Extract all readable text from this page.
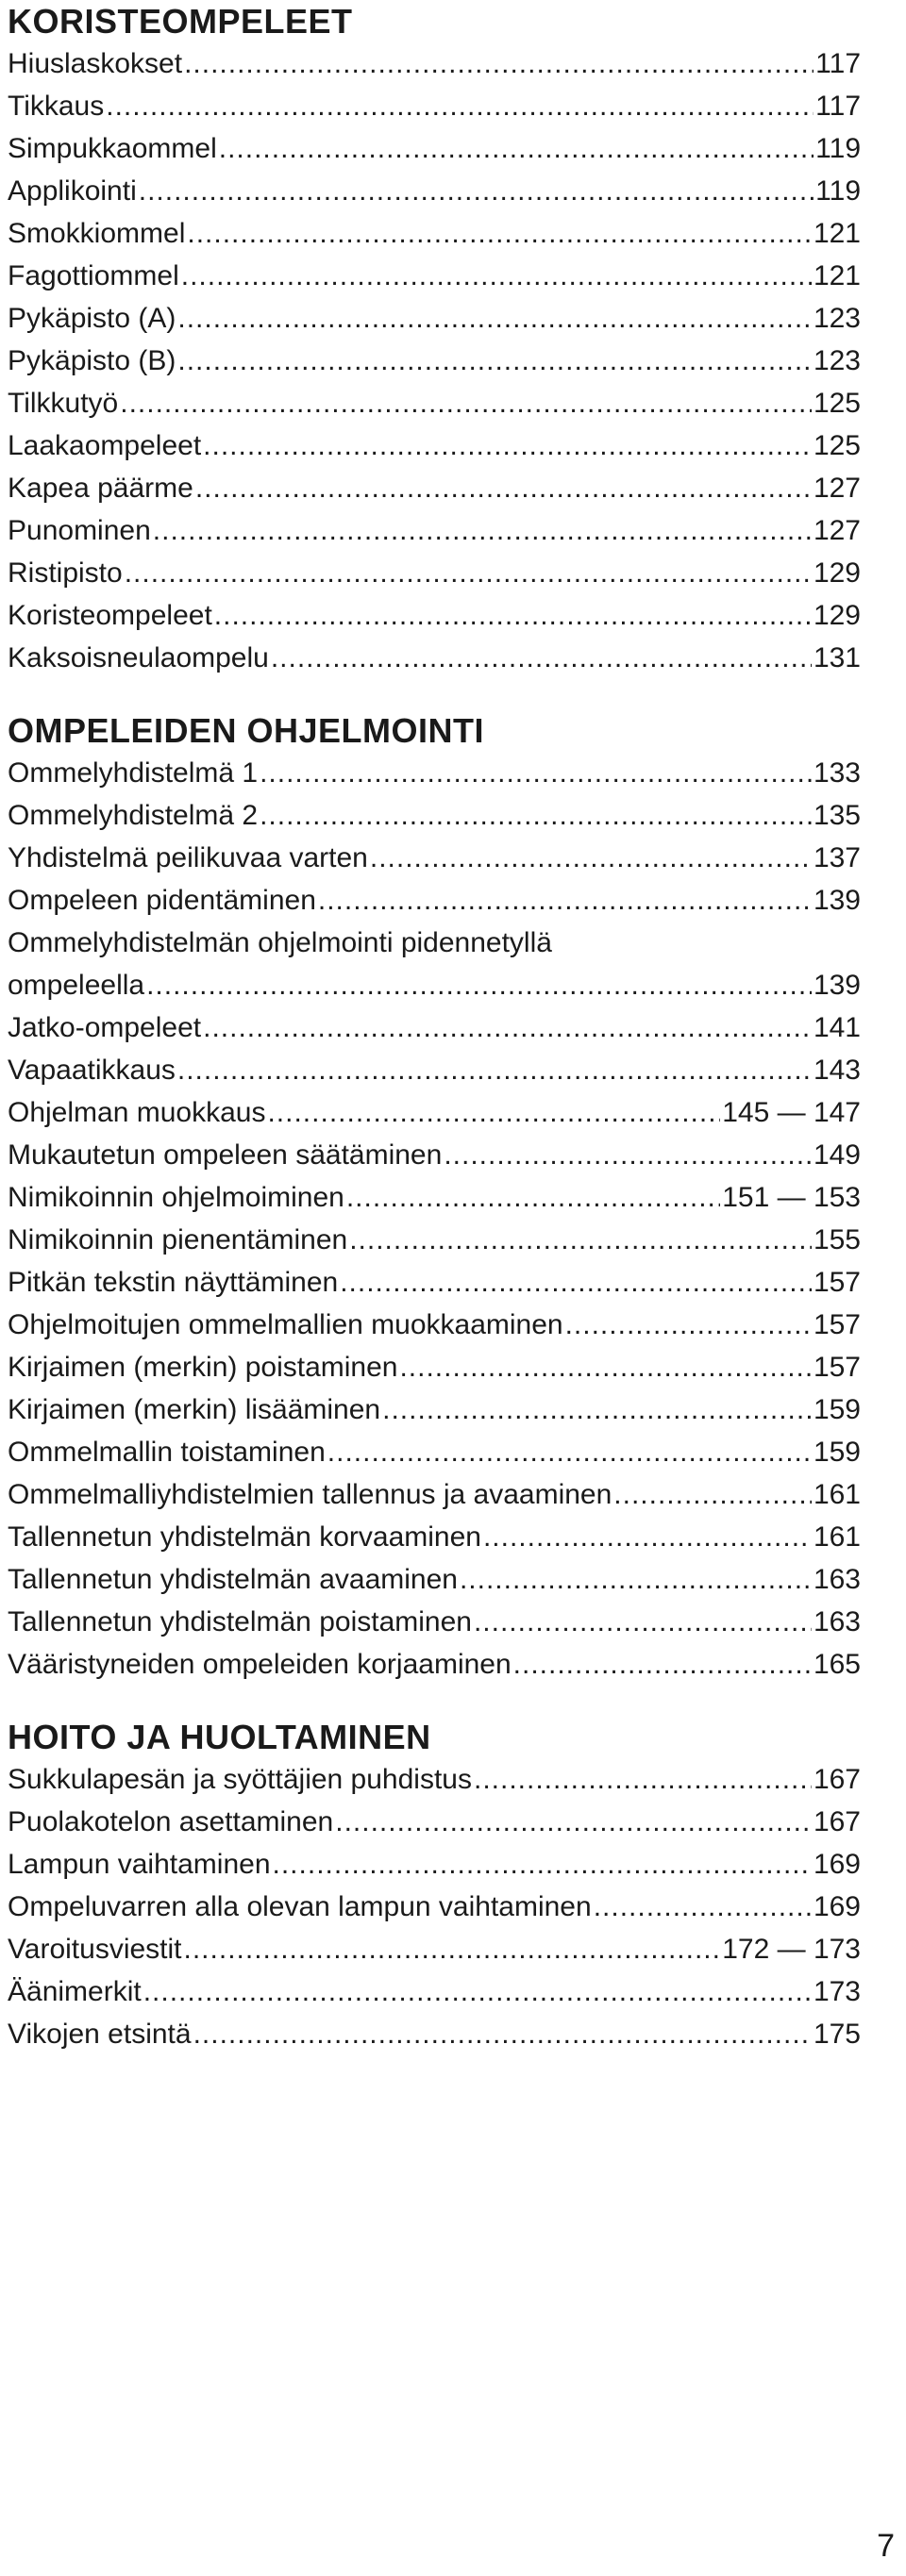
KORISTEOMPELEET
Hiuslaskokset .....	117
Tikkaus .....	117
Simpukkaommel .....	119
Applikointi .....	119
Smokkiommel .....	121
Fagottiommel .....	121
Pykäpisto (A) .....	123
Pykäpisto (B) .....	123
Tilkkutyö .....	125
Laakaompeleet .....	125
Kapea päärme .....	127
Punominen .....	127
Ristipisto .....	129
Koristeompeleet .....	129
Kaksoisneulaompelu .....	131
OMPELEIDEN OHJELMOINTI
Ommelyhdistelmä 1 .....	133
Ommelyhdistelmä 2 .....	135
Yhdistelmä peilikuvaa varten .....	137
Ompeleen pidentäminen .....	139
Ommelyhdistelmän ohjelmointi pidennetyllä
ompeleella .....	139
Jatko-ompeleet .....	141
Vapaatikkaus .....	143
Ohjelman muokkaus .....	145 — 147
Mukautetun ompeleen säätäminen .....	149
Nimikoinnin ohjelmoiminen .....	151 — 153
Nimikoinnin pienentäminen .....	155
Pitkän tekstin näyttäminen .....	157
Ohjelmoitujen ommelmallien muokkaaminen .....	157
Kirjaimen (merkin) poistaminen .....	157
Kirjaimen (merkin) lisääminen .....	159
Ommelmallin toistaminen .....	159
Ommelmalliyhdistelmien tallennus ja avaaminen .....	161
Tallennetun yhdistelmän korvaaminen .....	161
Tallennetun yhdistelmän avaaminen .....	163
Tallennetun yhdistelmän poistaminen .....	163
Vääristyneiden ompeleiden korjaaminen .....	165
HOITO JA HUOLTAMINEN
Sukkulapesän ja syöttäjien puhdistus .....	167
Puolakotelon asettaminen .....	167
Lampun vaihtaminen .....	169
Ompeluvarren alla olevan lampun vaihtaminen .....	169
Varoitusviestit .....	172 — 173
Äänimerkit .....	173
Vikojen etsintä .....	175
7
